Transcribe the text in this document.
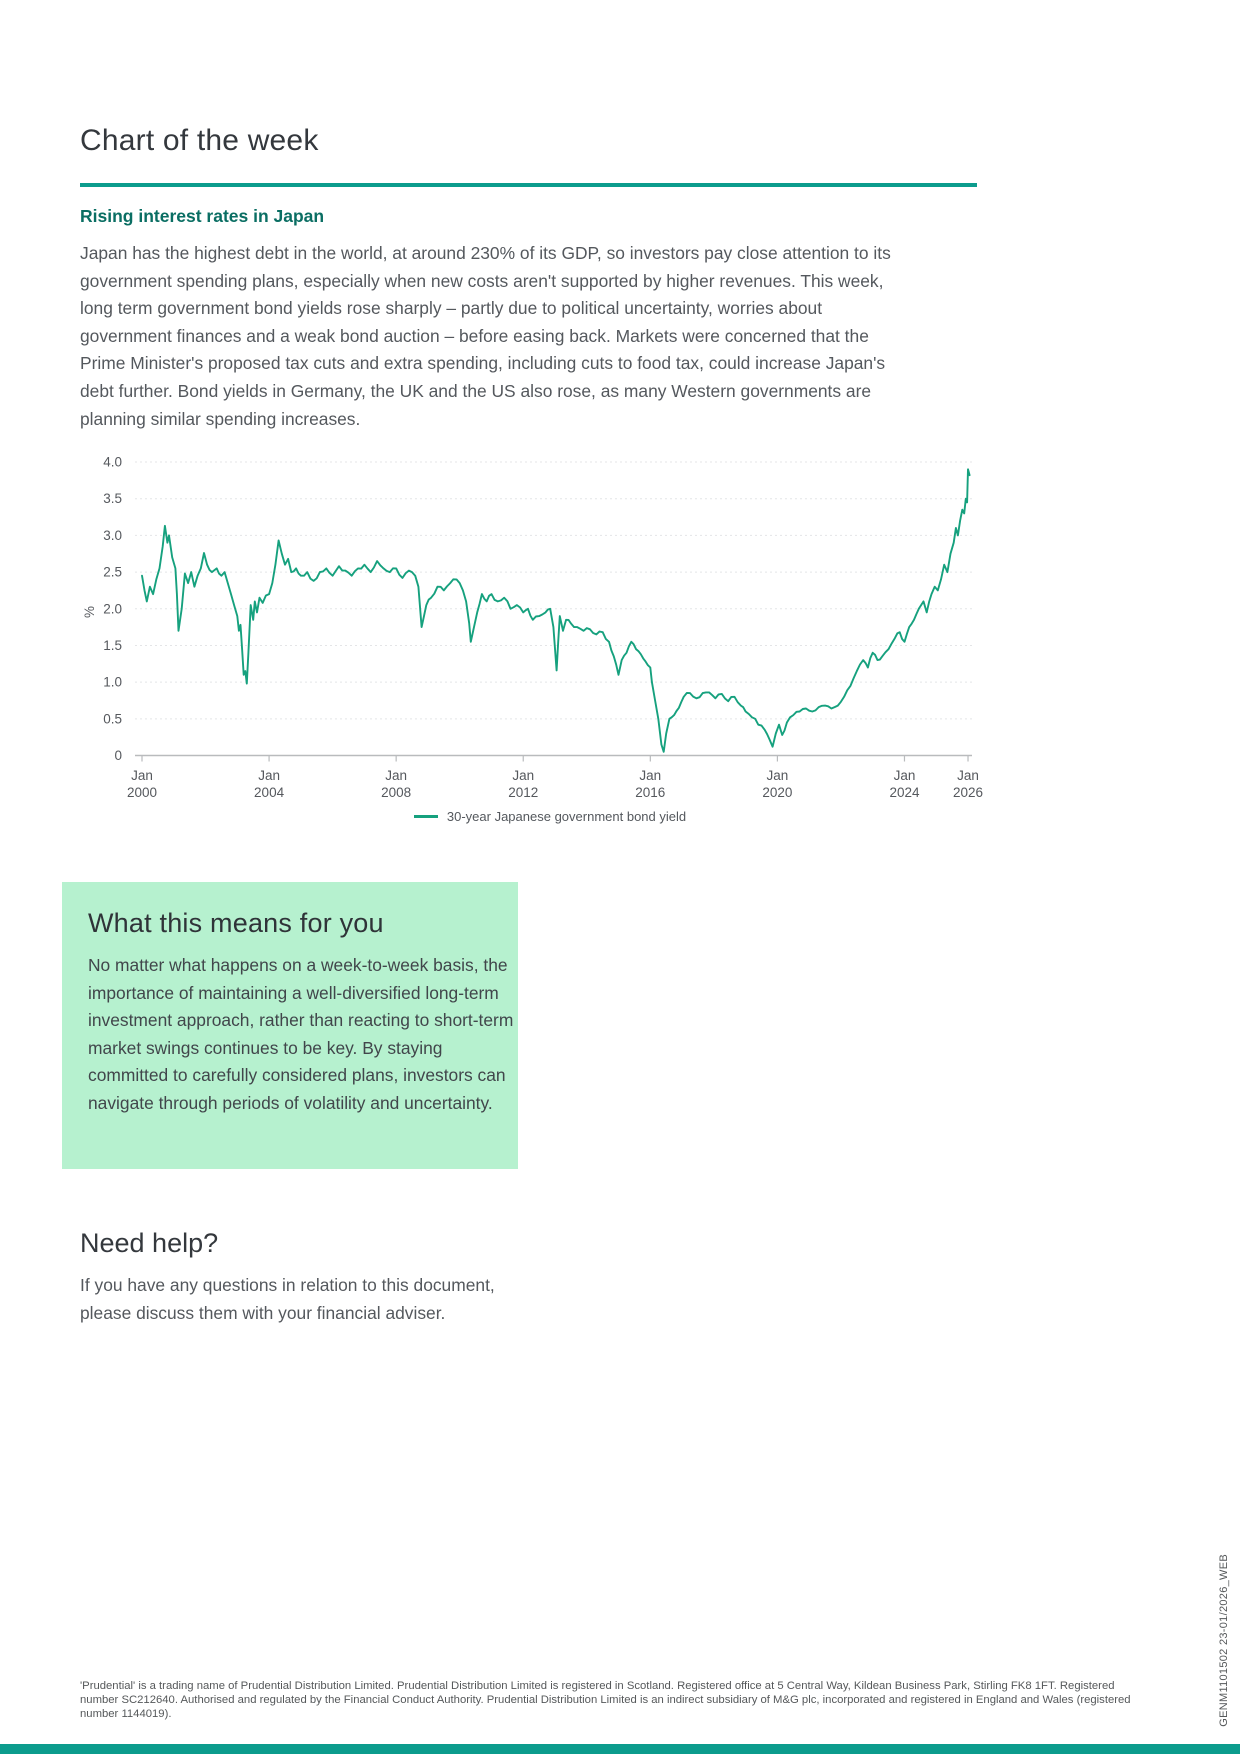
Chart of the week
Rising interest rates in Japan
Japan has the highest debt in the world, at around 230% of its GDP, so investors pay close attention to its government spending plans, especially when new costs aren't supported by higher revenues. This week, long term government bond yields rose sharply – partly due to political uncertainty, worries about government finances and a weak bond auction – before easing back. Markets were concerned that the Prime Minister's proposed tax cuts and extra spending, including cuts to food tax, could increase Japan's debt further. Bond yields in Germany, the UK and the US also rose, as many Western governments are planning similar spending increases.
0
0.5
1.0
1.5
2.0
2.5
3.0
3.5
4.0
Jan
2000
Jan
2004
Jan
2008
Jan
2012
Jan
2016
Jan
2020
Jan
2024
Jan
2026
%
30-year Japanese government bond yield
What this means for you
No matter what happens on a week-to-week basis, the importance of maintaining a well-diversified long-term investment approach, rather than reacting to short-term market swings continues to be key. By staying committed to carefully considered plans, investors can navigate through periods of volatility and uncertainty.
Need help?
If you have any questions in relation to this document, please discuss them with your financial adviser.
'Prudential' is a trading name of Prudential Distribution Limited. Prudential Distribution Limited is registered in Scotland. Registered office at 5 Central Way, Kildean Business Park, Stirling FK8 1FT. Registered number SC212640. Authorised and regulated by the Financial Conduct Authority. Prudential Distribution Limited is an indirect subsidiary of M&G plc, incorporated and registered in England and Wales (registered number 1144019).	GENM1101502 23-01/2026_WEB
